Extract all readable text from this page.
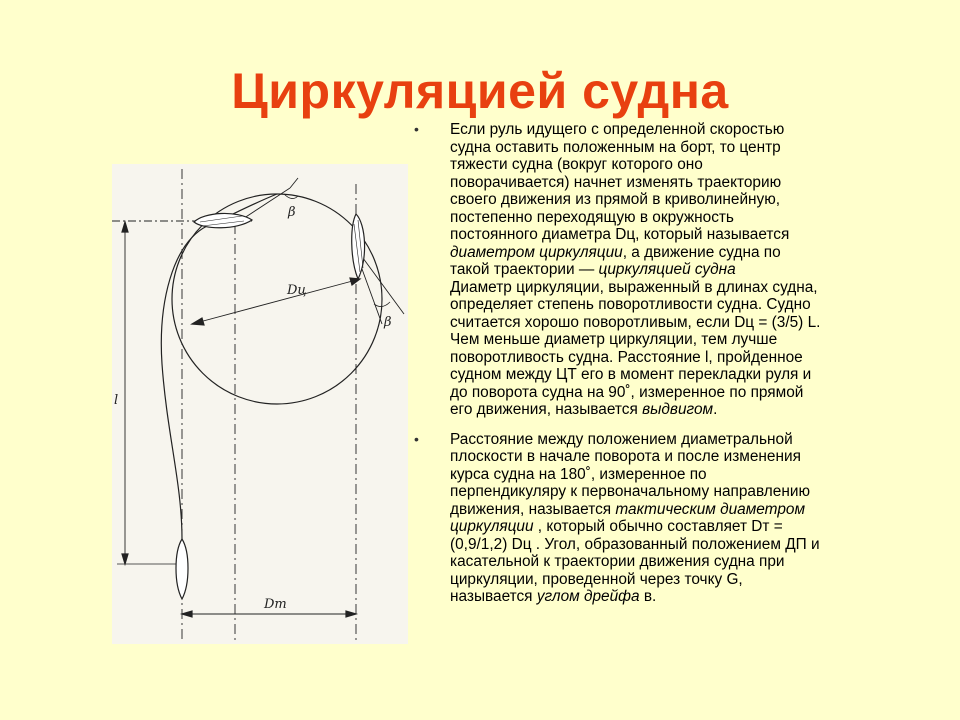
Циркуляцией судна
β
β
Dц
Dт
l
• Если руль идущего с определенной скоростью
судна оставить положенным на борт, то центр
тяжести судна (вокруг которого оно
поворачивается) начнет изменять траекторию
своего движения из прямой в криволинейную,
постепенно переходящую в окружность
постоянного диаметра Dц, который называется
диаметром циркуляции, а движение судна по
такой траектории — циркуляцией судна
Диаметр циркуляции, выраженный в длинах судна,
определяет степень поворотливости судна. Судно
считается хорошо поворотливым, если Dц = (3/5) L.
Чем меньше диаметр циркуляции, тем лучше
поворотливость судна. Расстояние l, пройденное
судном между ЦТ его в момент перекладки руля и
до поворота судна на 90˚, измеренное по прямой
его движения, называется выдвигом.
• Расстояние между положением диаметральной
плоскости в начале поворота и после изменения
курса судна на 180˚, измеренное по
перпендикуляру к первоначальному направлению
движения, называется тактическим диаметром
циркуляции , который обычно составляет Dт =
(0,9/1,2) Dц . Угол, образованный положением ДП и
касательной к траектории движения судна при
циркуляции, проведенной через точку G,
называется углом дрейфа в.
